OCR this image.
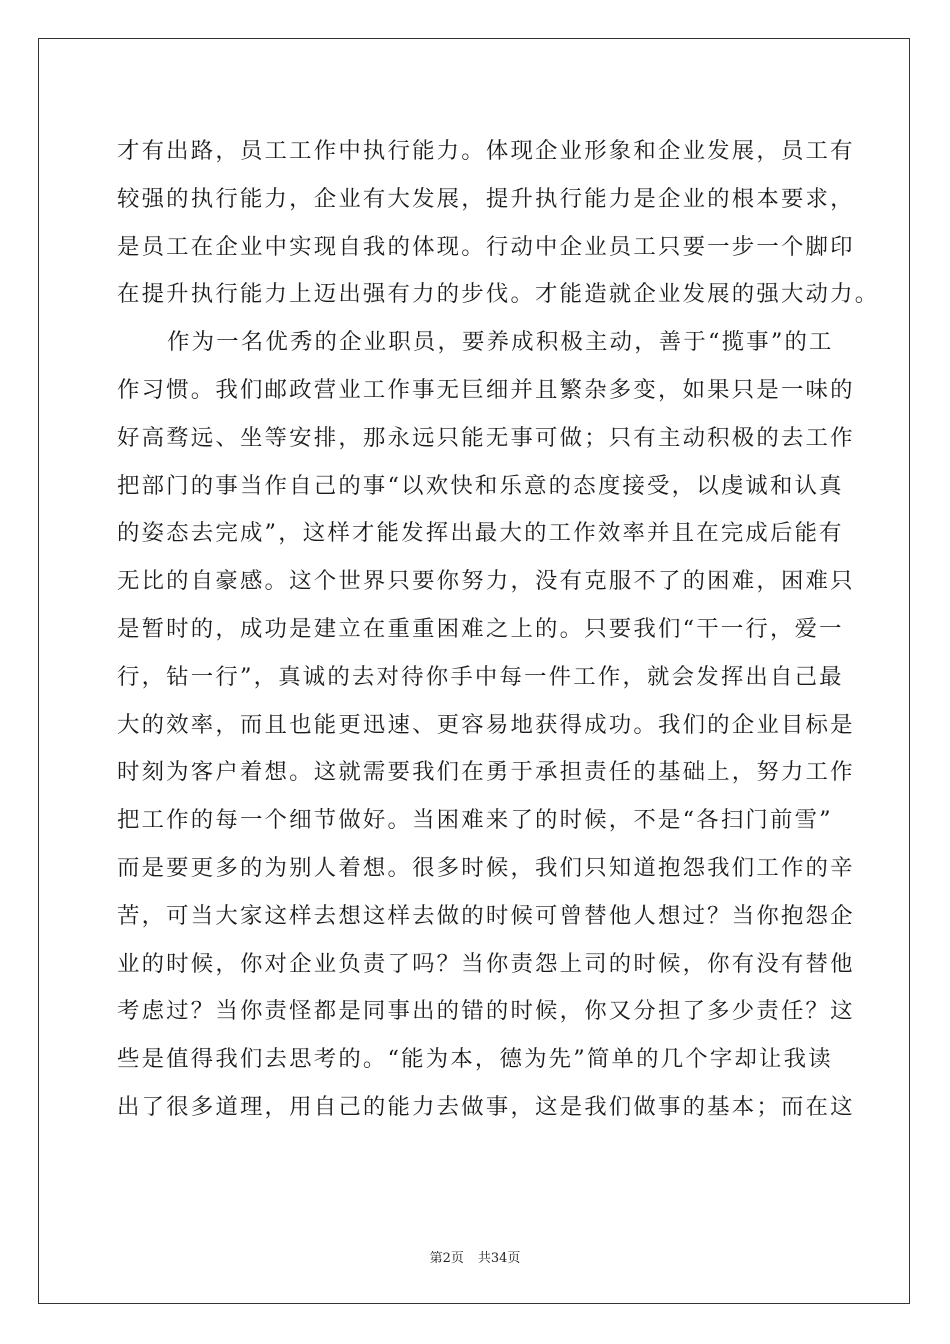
才有出路，员工工作中执行能力。体现企业形象和企业发展，员工有
较强的执行能力，企业有大发展，提升执行能力是企业的根本要求，
是员工在企业中实现自我的体现。行动中企业员工只要一步一个脚印
在提升执行能力上迈出强有力的步伐。才能造就企业发展的强大动力。
作为一名优秀的企业职员，要养成积极主动，善于“揽事”的工
作习惯。我们邮政营业工作事无巨细并且繁杂多变，如果只是一味的
好高骛远、坐等安排，那永远只能无事可做；只有主动积极的去工作
把部门的事当作自己的事“以欢快和乐意的态度接受，以虔诚和认真
的姿态去完成”，这样才能发挥出最大的工作效率并且在完成后能有
无比的自豪感。这个世界只要你努力，没有克服不了的困难，困难只
是暂时的，成功是建立在重重困难之上的。只要我们“干一行，爱一
行，钻一行”，真诚的去对待你手中每一件工作，就会发挥出自己最
大的效率，而且也能更迅速、更容易地获得成功。我们的企业目标是
时刻为客户着想。这就需要我们在勇于承担责任的基础上，努力工作
把工作的每一个细节做好。当困难来了的时候，不是“各扫门前雪”
而是要更多的为别人着想。很多时候，我们只知道抱怨我们工作的辛
苦，可当大家这样去想这样去做的时候可曾替他人想过？当你抱怨企
业的时候，你对企业负责了吗？当你责怨上司的时候，你有没有替他
考虑过？当你责怪都是同事出的错的时候，你又分担了多少责任？这
些是值得我们去思考的。“能为本，德为先”简单的几个字却让我读
出了很多道理，用自己的能力去做事，这是我们做事的基本；而在这
第2页 共34页
